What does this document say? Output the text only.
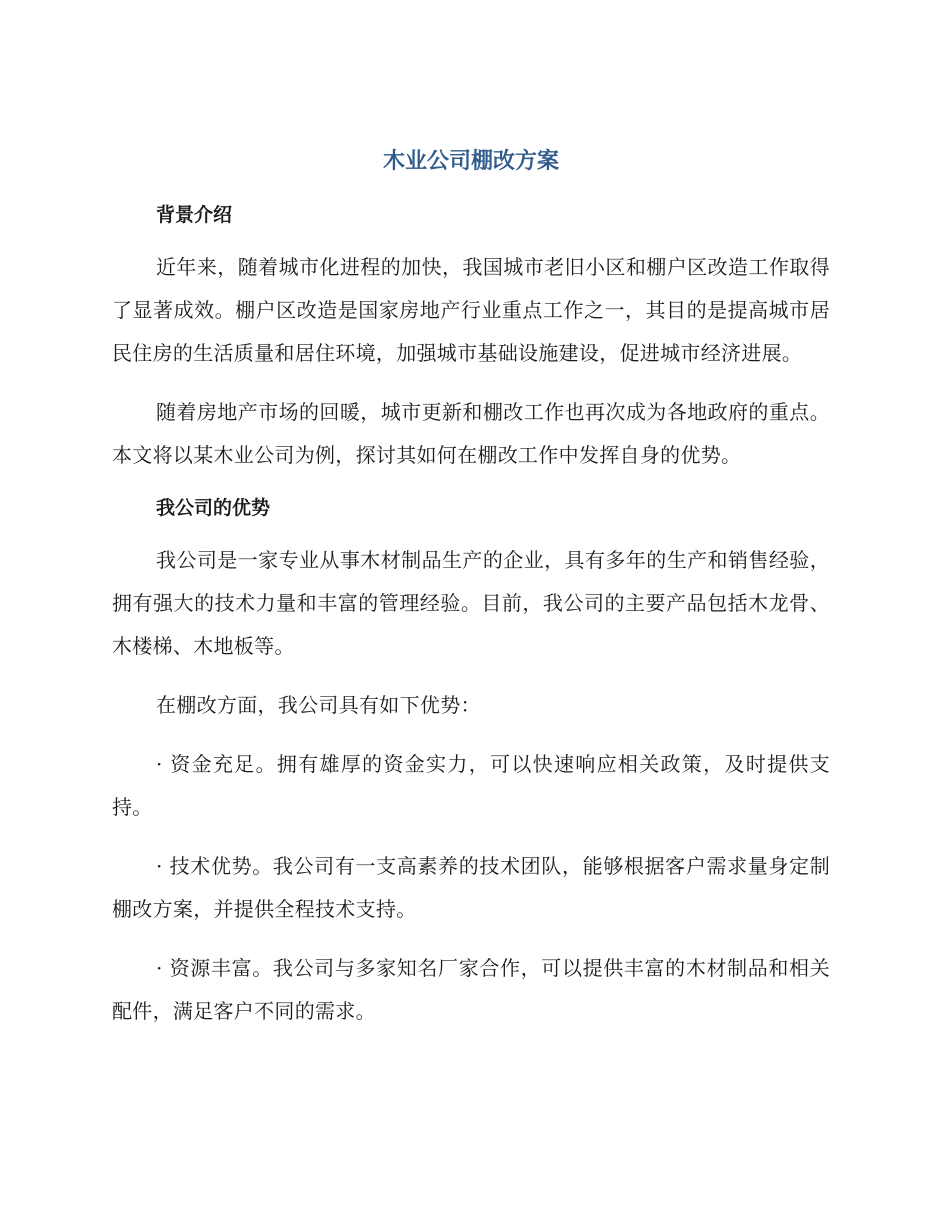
木业公司棚改方案
背景介绍

近年来，随着城市化进程的加快，我国城市老旧小区和棚户区改造工作取得了显著成效。棚户区改造是国家房地产行业重点工作之一，其目的是提高城市居民住房的生活质量和居住环境，加强城市基础设施建设，促进城市经济进展。

随着房地产市场的回暖，城市更新和棚改工作也再次成为各地政府的重点。本文将以某木业公司为例，探讨其如何在棚改工作中发挥自身的优势。

我公司的优势

我公司是一家专业从事木材制品生产的企业，具有多年的生产和销售经验，拥有强大的技术力量和丰富的管理经验。目前，我公司的主要产品包括木龙骨、木楼梯、木地板等。

在棚改方面，我公司具有如下优势：

· 资金充足。拥有雄厚的资金实力，可以快速响应相关政策，及时提供支持。

· 技术优势。我公司有一支高素养的技术团队，能够根据客户需求量身定制棚改方案，并提供全程技术支持。

· 资源丰富。我公司与多家知名厂家合作，可以提供丰富的木材制品和相关配件，满足客户不同的需求。
